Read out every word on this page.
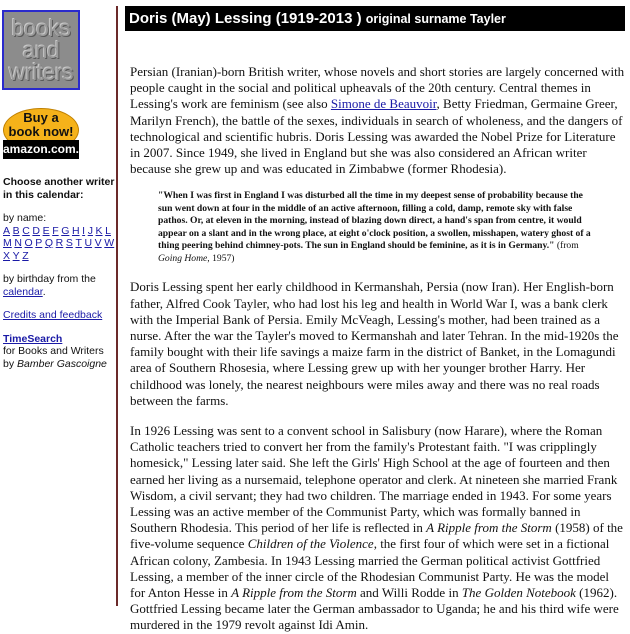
books
and
writers
Buy a
book now!
amazon.com.
Choose another writer in this calendar:
by name:
A B C D E F G H I J K L
M N O P Q R S T U V W
X Y Z
by birthday from the calendar.
Credits and feedback
TimeSearch
for Books and Writers
by Bamber Gascoigne
Doris (May) Lessing (1919-2013 ) original surname Tayler

Persian (Iranian)-born British writer, whose novels and short stories are largely concerned with people caught in the social and political upheavals of the 20th century. Central themes in Lessing's work are feminism (see also Simone de Beauvoir, Betty Friedman, Germaine Greer, Marilyn French), the battle of the sexes, individuals in search of wholeness, and the dangers of technological and scientific hubris. Doris Lessing was awarded the Nobel Prize for Literature in 2007. Since 1949, she lived in England but she was also considered an African writer because she grew up and was educated in Zimbabwe (former Rhodesia).

"When I was first in England I was disturbed all the time in my deepest sense of probability because the sun went down at four in the middle of an active afternoon, filling a cold, damp, remote sky with false pathos. Or, at eleven in the morning, instead of blazing down direct, a hand's span from centre, it would appear on a slant and in the wrong place, at eight o'clock position, a swollen, misshapen, watery ghost of a thing peering behind chimney-pots. The sun in England should be feminine, as it is in Germany." (from Going Home, 1957)

Doris Lessing spent her early childhood in Kermanshah, Persia (now Iran). Her English-born father, Alfred Cook Tayler, who had lost his leg and health in World War I, was a bank clerk with the Imperial Bank of Persia. Emily McVeagh, Lessing's mother, had been trained as a nurse. After the war the Tayler's moved to Kermanshah and later Tehran. In the mid-1920s the family bought with their life savings a maize farm in the district of Banket, in the Lomagundi area of Southern Rhosesia, where Lessing grew up with her younger brother Harry. Her childhood was lonely, the nearest neighbours were miles away and there was no real roads between the farms.

In 1926 Lessing was sent to a convent school in Salisbury (now Harare), where the Roman Catholic teachers tried to convert her from the family's Protestant faith. "I was cripplingly homesick," Lessing later said. She left the Girls' High School at the age of fourteen and then earned her living as a nursemaid, telephone operator and clerk. At nineteen she married Frank Wisdom, a civil servant; they had two children. The marriage ended in 1943. For some years Lessing was an active member of the Communist Party, which was formally banned in Southern Rhodesia. This period of her life is reflected in A Ripple from the Storm (1958) of the five-volume sequence Children of the Violence, the first four of which were set in a fictional African colony, Zambesia. In 1943 Lessing married the German political activist Gottfried Lessing, a member of the inner circle of the Rhodesian Communist Party. He was the model for Anton Hesse in A Ripple from the Storm and Willi Rodde in The Golden Notebook (1962). Gottfried Lessing became later the German ambassador to Uganda; he and his third wife were murdered in the 1979 revolt against Idi Amin.
